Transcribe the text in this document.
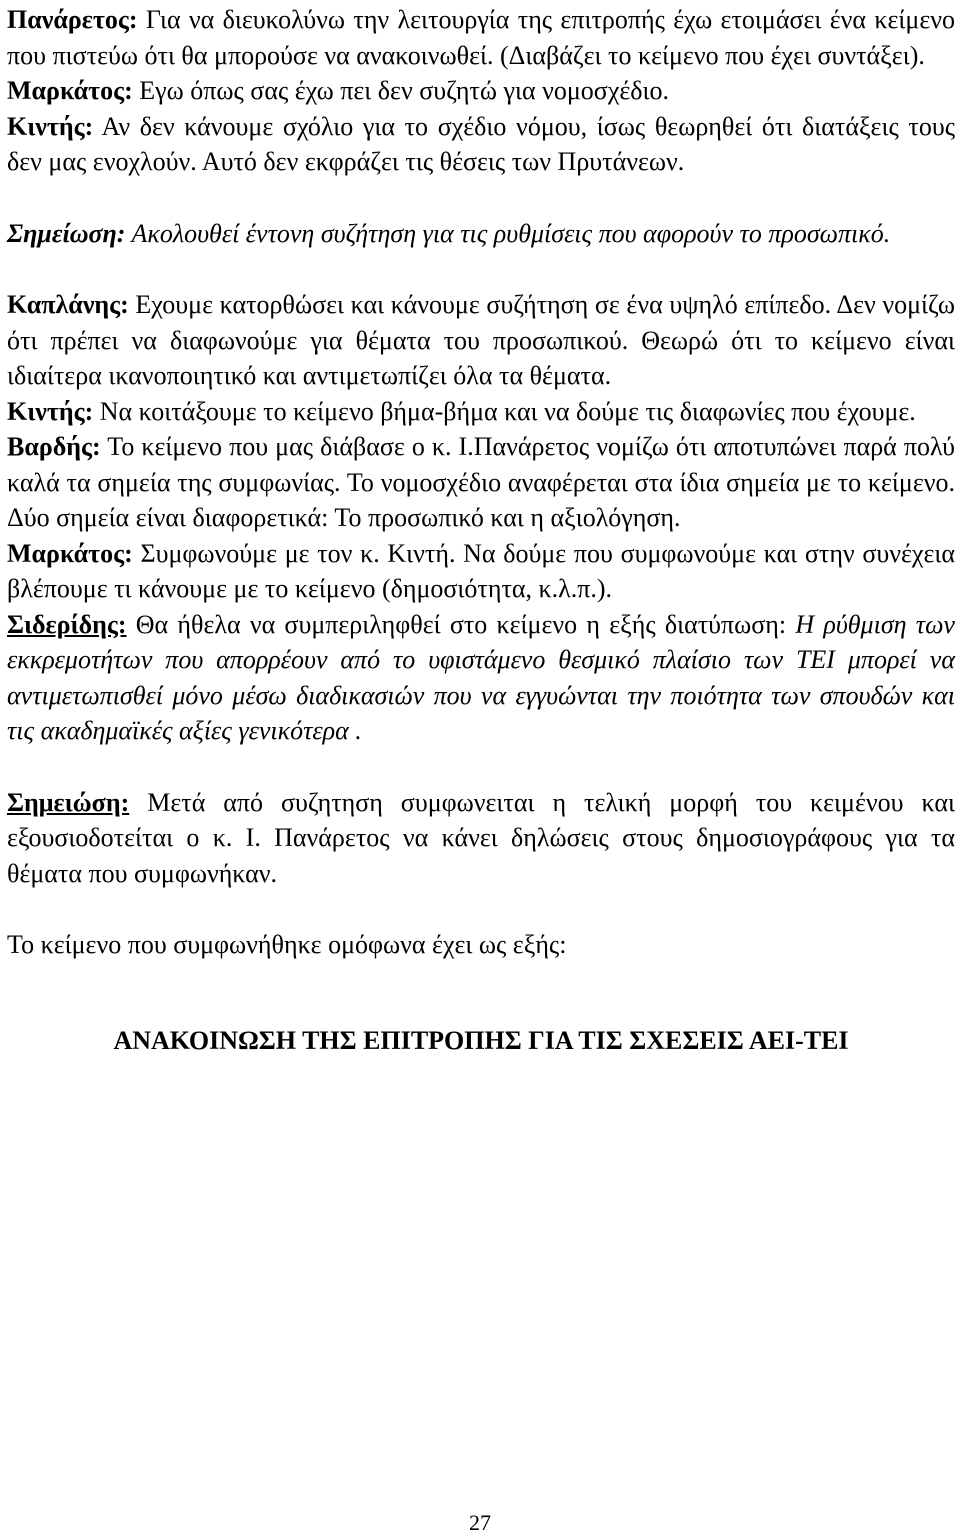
Πανάρετος: Για να διευκολύνω την λειτουργία της επιτροπής έχω ετοιμάσει ένα κείμενο που πιστεύω ότι θα μπορούσε να ανακοινωθεί. (Διαβάζει το κείμενο που έχει συντάξει).

Μαρκάτος: Εγω όπως σας έχω πει δεν συζητώ για νομοσχέδιο.

Κιντής: Αν δεν κάνουμε σχόλιο για το σχέδιο νόμου, ίσως θεωρηθεί ότι διατάξεις τους δεν μας ενοχλούν. Αυτό δεν εκφράζει τις θέσεις των Πρυτάνεων.

Σημείωση: Ακολουθεί έντονη συζήτηση για τις ρυθμίσεις που αφορούν το προσωπικό.

Καπλάνης: Εχουμε κατορθώσει και κάνουμε συζήτηση σε ένα υψηλό επίπεδο. Δεν νομίζω ότι πρέπει να διαφωνούμε για θέματα του προσωπικού. Θεωρώ ότι το κείμενο είναι ιδιαίτερα ικανοποιητικό και αντιμετωπίζει όλα τα θέματα.

Κιντής: Να κοιτάξουμε το κείμενο βήμα-βήμα και να δούμε τις διαφωνίες που έχουμε.

Βαρδής: Το κείμενο που μας διάβασε ο κ. Ι.Πανάρετος νομίζω ότι αποτυπώνει παρά πολύ καλά τα σημεία της συμφωνίας. Το νομοσχέδιο αναφέρεται στα ίδια σημεία με το κείμενο. Δύο σημεία είναι διαφορετικά: Το προσωπικό και η αξιολόγηση.

Μαρκάτος: Συμφωνούμε με τον κ. Κιντή. Να δούμε που συμφωνούμε και στην συνέχεια βλέπουμε τι κάνουμε με το κείμενο (δημοσιότητα, κ.λ.π.).

Σιδερίδης: Θα ήθελα να συμπεριληφθεί στο κείμενο η εξής διατύπωση: Η ρύθμιση των εκκρεμοτήτων που απορρέουν από το υφιστάμενο θεσμικό πλαίσιο των ΤΕΙ μπορεί να αντιμετωπισθεί μόνο μέσω διαδικασιών που να εγγυώνται την ποιότητα των σπουδών και τις ακαδημαϊκές αξίες γενικότερα .

Σημειώση: Μετά από συζητηση συμφωνειται η τελική μορφή του κειμένου και εξουσιοδοτείται ο κ. Ι. Πανάρετος να κάνει δηλώσεις στους δημοσιογράφους για τα θέματα που συμφωνήκαν.

Το κείμενο που συμφωνήθηκε ομόφωνα έχει ως εξής:

ΑΝΑΚΟΙΝΩΣΗ ΤΗΣ ΕΠΙΤΡΟΠΗΣ ΓΙΑ ΤΙΣ ΣΧΕΣΕΙΣ ΑΕΙ-ΤΕΙ

27
